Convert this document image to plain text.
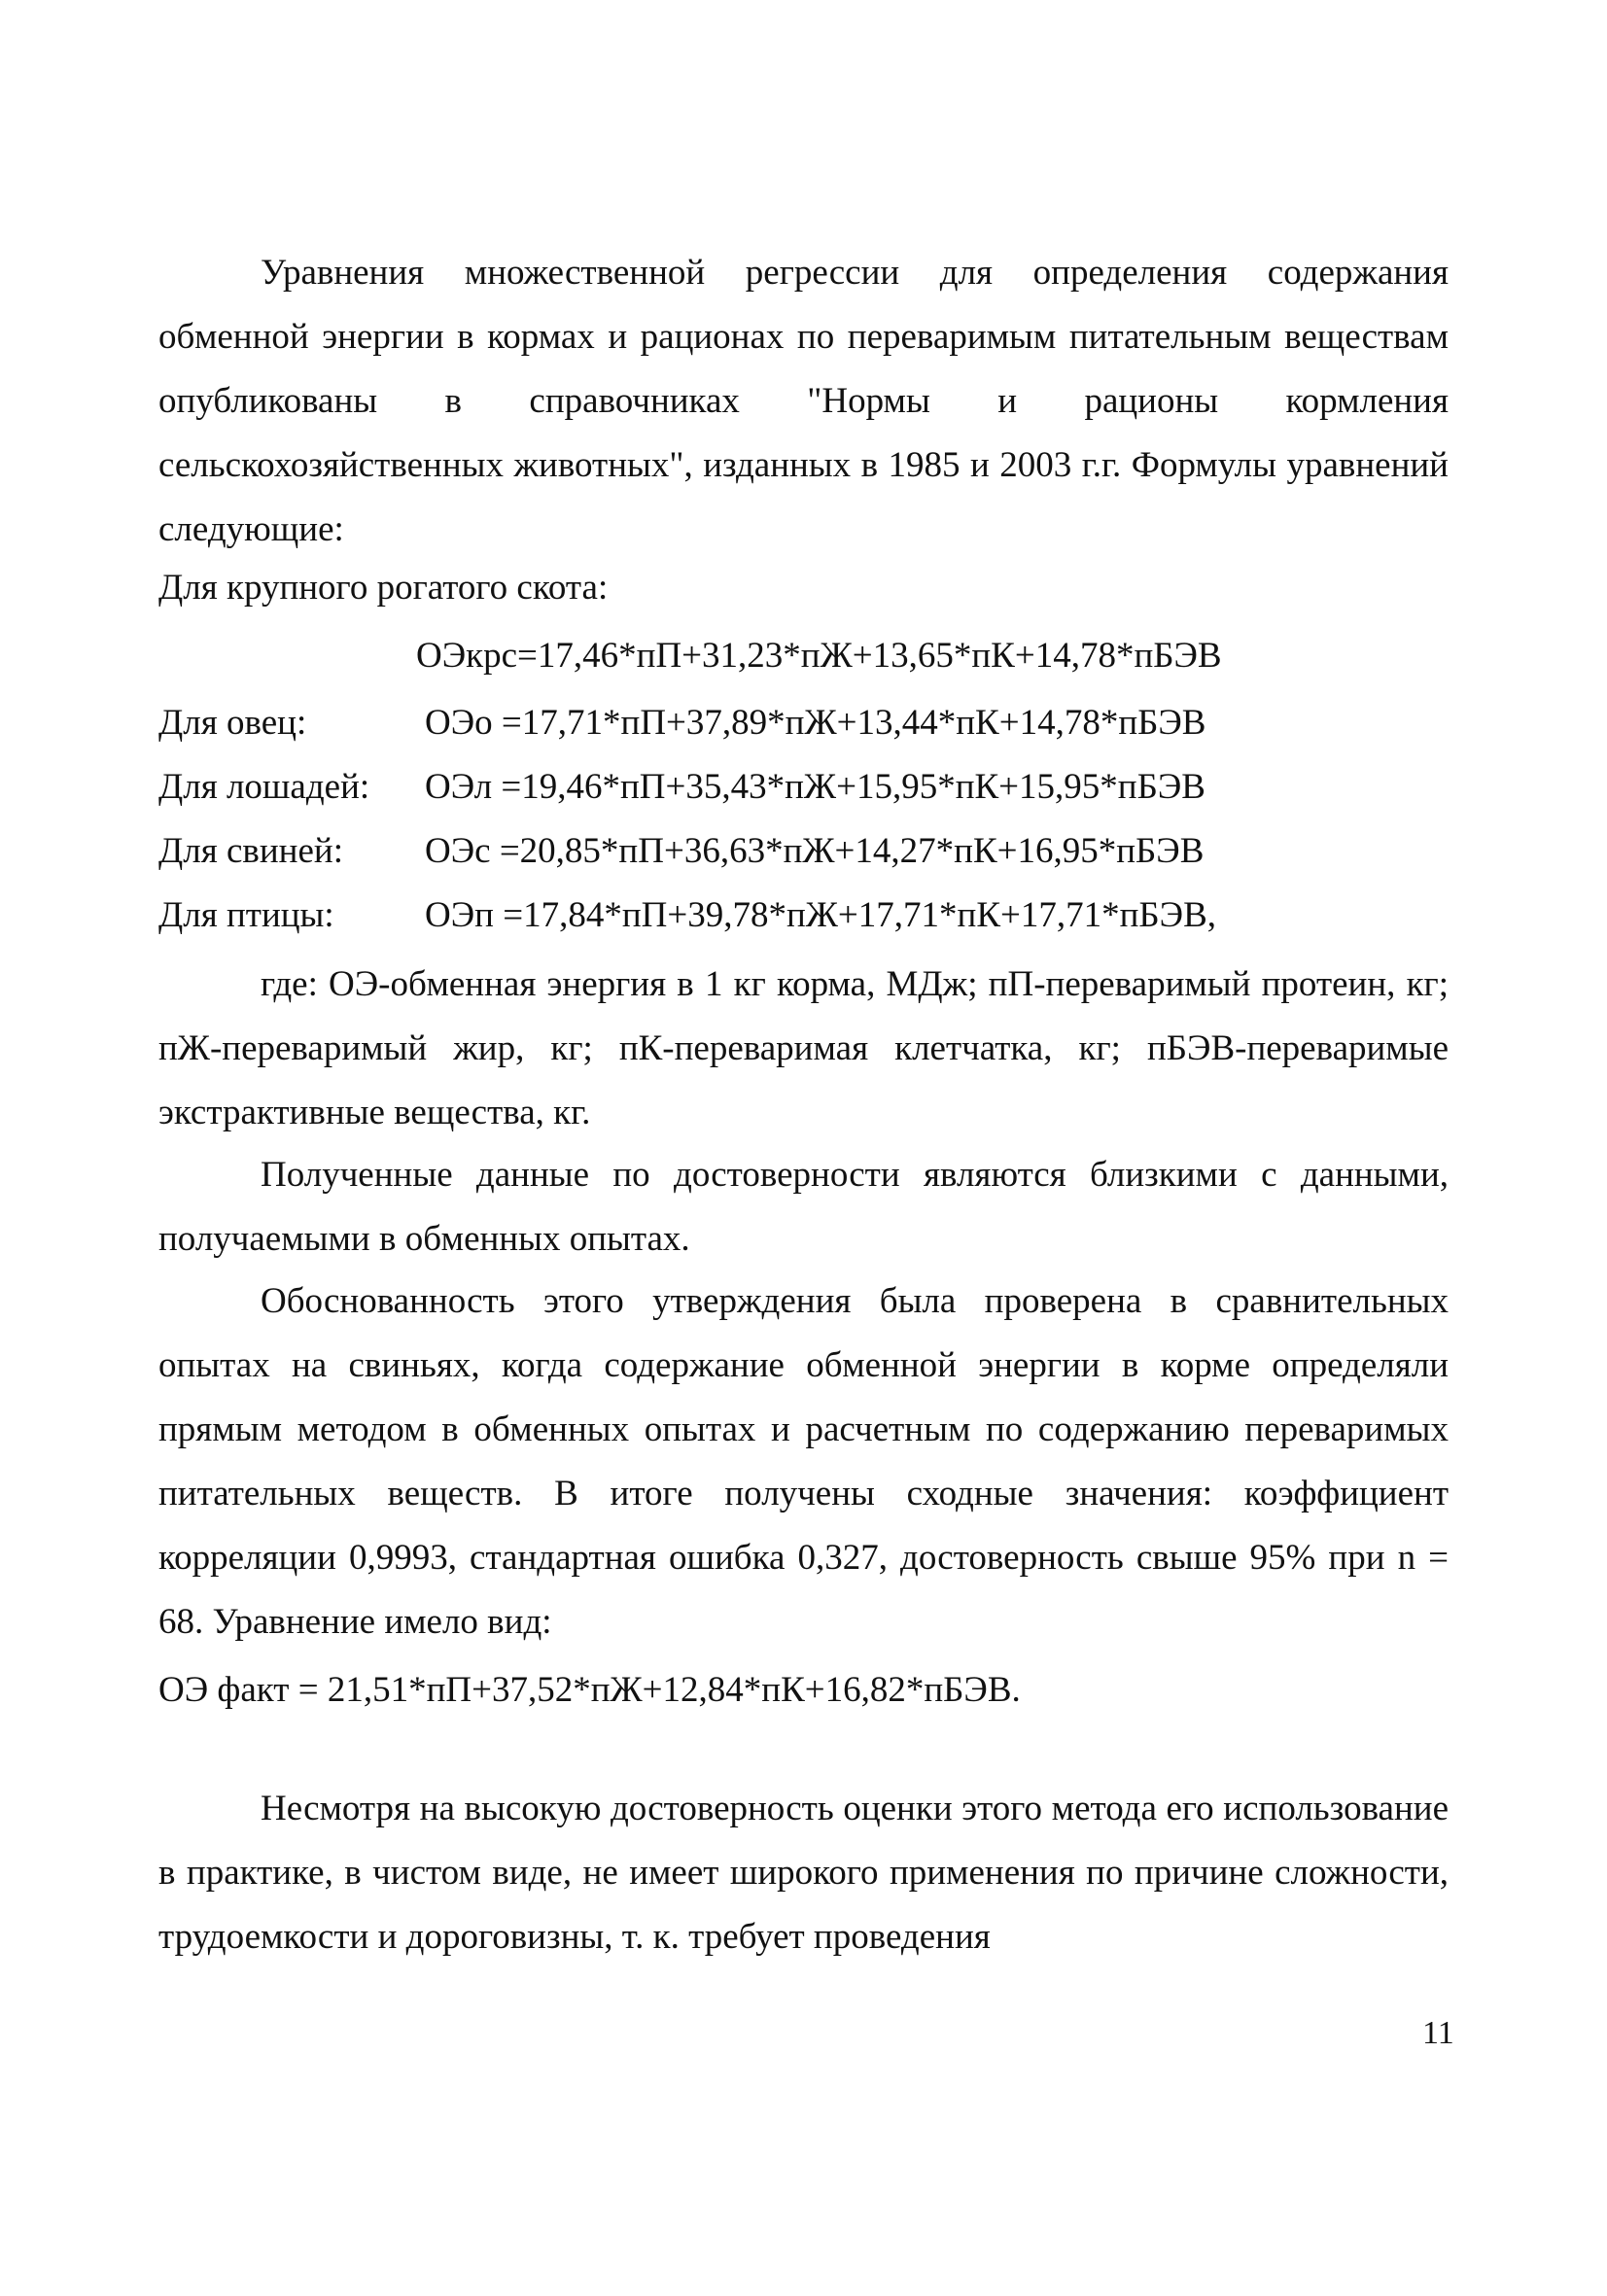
Уравнения множественной регрессии для определения содержания обменной энергии в кормах и рационах по переваримым питательным веществам опубликованы в справочниках "Нормы и рационы кормления сельскохозяйственных животных", изданных в 1985 и 2003 г.г. Формулы уравнений следующие:
Для крупного рогатого скота:
ОЭкрс=17,46*пП+31,23*пЖ+13,65*пК+14,78*пБЭВ
Для овец:	ОЭо =17,71*пП+37,89*пЖ+13,44*пК+14,78*пБЭВ
Для лошадей: ОЭл =19,46*пП+35,43*пЖ+15,95*пК+15,95*пБЭВ
Для свиней: ОЭс =20,85*пП+36,63*пЖ+14,27*пК+16,95*пБЭВ
Для птицы:	ОЭп =17,84*пП+39,78*пЖ+17,71*пК+17,71*пБЭВ,
где: ОЭ-обменная энергия в 1 кг корма, МДж; пП-переваримый протеин, кг; пЖ-переваримый жир, кг; пК-переваримая клетчатка, кг; пБЭВ-переваримые экстрактивные вещества, кг.
Полученные данные по достоверности являются близкими с данными, получаемыми в обменных опытах.
Обоснованность этого утверждения была проверена в сравнительных опытах на свиньях, когда содержание обменной энергии в корме определяли прямым методом в обменных опытах и расчетным по содержанию переваримых питательных веществ. В итоге получены сходные значения: коэффициент корреляции 0,9993, стандартная ошибка 0,327, достоверность свыше 95% при n = 68. Уравнение имело вид:
ОЭ факт = 21,51*пП+37,52*пЖ+12,84*пК+16,82*пБЭВ.
Несмотря на высокую достоверность оценки этого метода его использование в практике, в чистом виде, не имеет широкого применения по причине сложности, трудоемкости и дороговизны, т. к. требует проведения
11
